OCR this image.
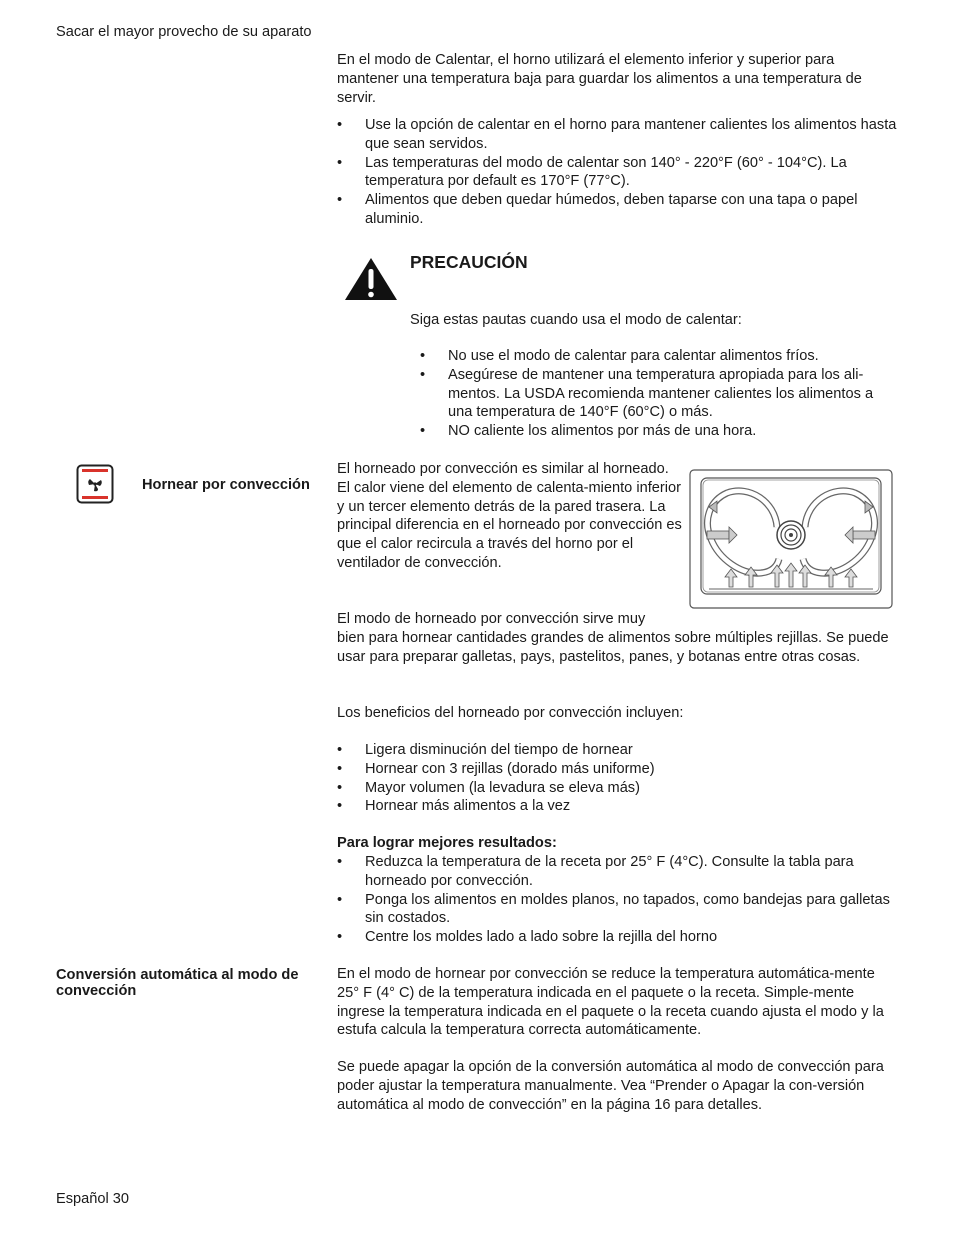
Sacar el mayor provecho de su aparato

En el modo de Calentar, el horno utilizará el elemento inferior y superior para mantener una temperatura baja para guardar los alimentos a una temperatura de servir.

• Use la opción de calentar en el horno para mantener calientes los alimentos hasta que sean servidos.
• Las temperaturas del modo de calentar son 140° - 220°F (60° - 104°C). La temperatura por default es 170°F (77°C).
• Alimentos que deben quedar húmedos, deben taparse con una tapa o papel aluminio.
PRECAUCIÓN

Siga estas pautas cuando usa el modo de calentar:

• No use el modo de calentar para calentar alimentos fríos.
• Asegúrese de mantener una temperatura apropiada para los ali-mentos. La USDA recomienda mantener calientes los alimentos a una temperatura de 140°F (60°C) o más.
• NO caliente los alimentos por más de una hora.
Hornear por convección

El horneado por convección es similar al horneado. El calor viene del elemento de calenta-miento inferior y un tercer elemento detrás de la pared trasera. La principal diferencia en el horneado por convección es que el calor recircula a través del horno por el ventilador de convección.

El modo de horneado por convección sirve muy

bien para hornear cantidades grandes de alimentos sobre múltiples rejillas. Se puede usar para preparar galletas, pays, pastelitos, panes, y botanas entre otras cosas.

Los beneficios del horneado por convección incluyen:

• Ligera disminución del tiempo de hornear
• Hornear con 3 rejillas (dorado más uniforme)
• Mayor volumen (la levadura se eleva más)
• Hornear más alimentos a la vez
Para lograr mejores resultados:
• Reduzca la temperatura de la receta por 25° F (4°C). Consulte la tabla para horneado por convección.
• Ponga los alimentos en moldes planos, no tapados, como bandejas para galletas sin costados.
• Centre los moldes lado a lado sobre la rejilla del horno
Conversión automática al modo de convección

En el modo de hornear por convección se reduce la temperatura automática-mente 25° F (4° C) de la temperatura indicada en el paquete o la receta. Simple-mente ingrese la temperatura indicada en el paquete o la receta cuando ajusta el modo y la estufa calcula la temperatura correcta automáticamente.

Se puede apagar la opción de la conversión automática al modo de convección para poder ajustar la temperatura manualmente. Vea “Prender o Apagar la con-versión automática al modo de convección” en la página 16 para detalles.

Español 30
